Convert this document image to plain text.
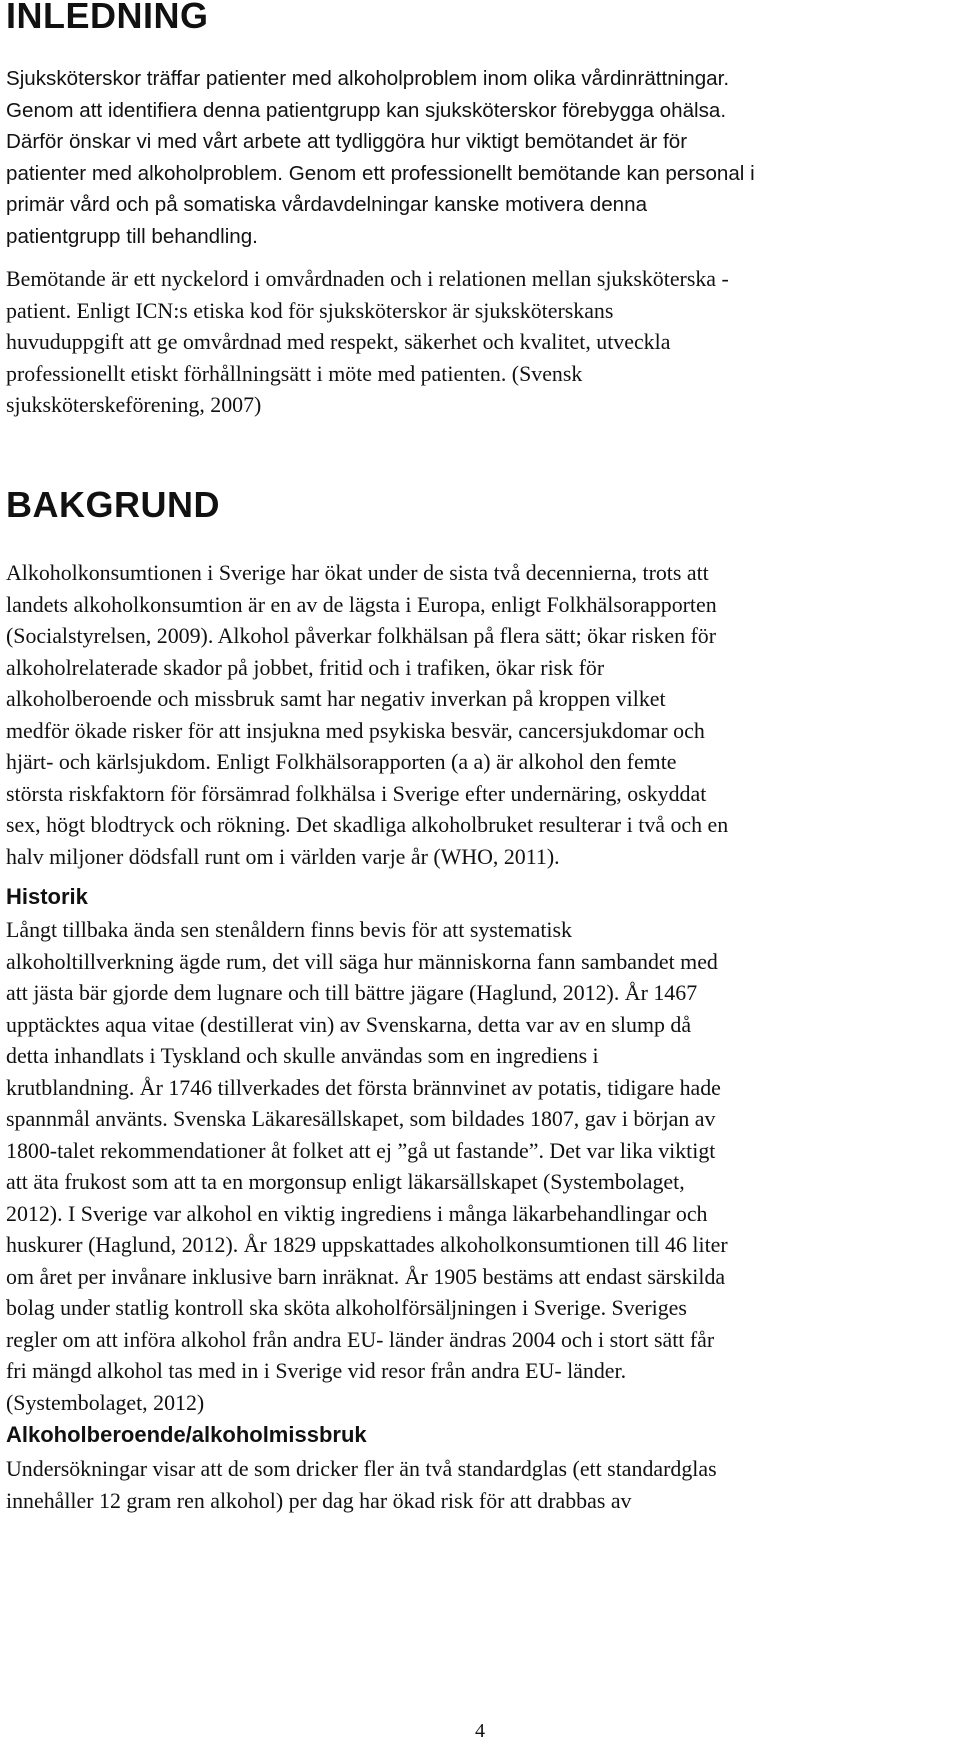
INLEDNING
Sjuksköterskor träffar patienter med alkoholproblem inom olika vårdinrättningar.
Genom att identifiera denna patientgrupp kan sjuksköterskor förebygga ohälsa.
Därför önskar vi med vårt arbete att tydliggöra hur viktigt bemötandet är för
patienter med alkoholproblem. Genom ett professionellt bemötande kan personal i
primär vård och på somatiska vårdavdelningar kanske motivera denna
patientgrupp till behandling.
Bemötande är ett nyckelord i omvårdnaden och i relationen mellan sjuksköterska -
patient. Enligt ICN:s etiska kod för sjuksköterskor är sjuksköterskans
huvuduppgift att ge omvårdnad med respekt, säkerhet och kvalitet, utveckla
professionellt etiskt förhållningsätt i möte med patienten. (Svensk
sjuksköterskeförening, 2007)
BAKGRUND
Alkoholkonsumtionen i Sverige har ökat under de sista två decennierna, trots att
landets alkoholkonsumtion är en av de lägsta i Europa, enligt Folkhälsorapporten
(Socialstyrelsen, 2009). Alkohol påverkar folkhälsan på flera sätt; ökar risken för
alkoholrelaterade skador på jobbet, fritid och i trafiken, ökar risk för
alkoholberoende och missbruk samt har negativ inverkan på kroppen vilket
medför ökade risker för att insjukna med psykiska besvär, cancersjukdomar och
hjärt- och kärlsjukdom. Enligt Folkhälsorapporten (a a) är alkohol den femte
största riskfaktorn för försämrad folkhälsa i Sverige efter undernäring, oskyddat
sex, högt blodtryck och rökning. Det skadliga alkoholbruket resulterar i två och en
halv miljoner dödsfall runt om i världen varje år (WHO, 2011).
Historik
Långt tillbaka ända sen stenåldern finns bevis för att systematisk
alkoholtillverkning ägde rum, det vill säga hur människorna fann sambandet med
att jästa bär gjorde dem lugnare och till bättre jägare (Haglund, 2012). År 1467
upptäcktes aqua vitae (destillerat vin) av Svenskarna, detta var av en slump då
detta inhandlats i Tyskland och skulle användas som en ingrediens i
krutblandning. År 1746 tillverkades det första brännvinet av potatis, tidigare hade
spannmål använts. Svenska Läkaresällskapet, som bildades 1807, gav i början av
1800-talet rekommendationer åt folket att ej ”gå ut fastande”. Det var lika viktigt
att äta frukost som att ta en morgonsup enligt läkarsällskapet (Systembolaget,
2012). I Sverige var alkohol en viktig ingrediens i många läkarbehandlingar och
huskurer (Haglund, 2012). År 1829 uppskattades alkoholkonsumtionen till 46 liter
om året per invånare inklusive barn inräknat. År 1905 bestäms att endast särskilda
bolag under statlig kontroll ska sköta alkoholförsäljningen i Sverige. Sveriges
regler om att införa alkohol från andra EU- länder ändras 2004 och i stort sätt får
fri mängd alkohol tas med in i Sverige vid resor från andra EU- länder.
(Systembolaget, 2012)
Alkoholberoende/alkoholmissbruk
Undersökningar visar att de som dricker fler än två standardglas (ett standardglas
innehåller 12 gram ren alkohol) per dag har ökad risk för att drabbas av
4
